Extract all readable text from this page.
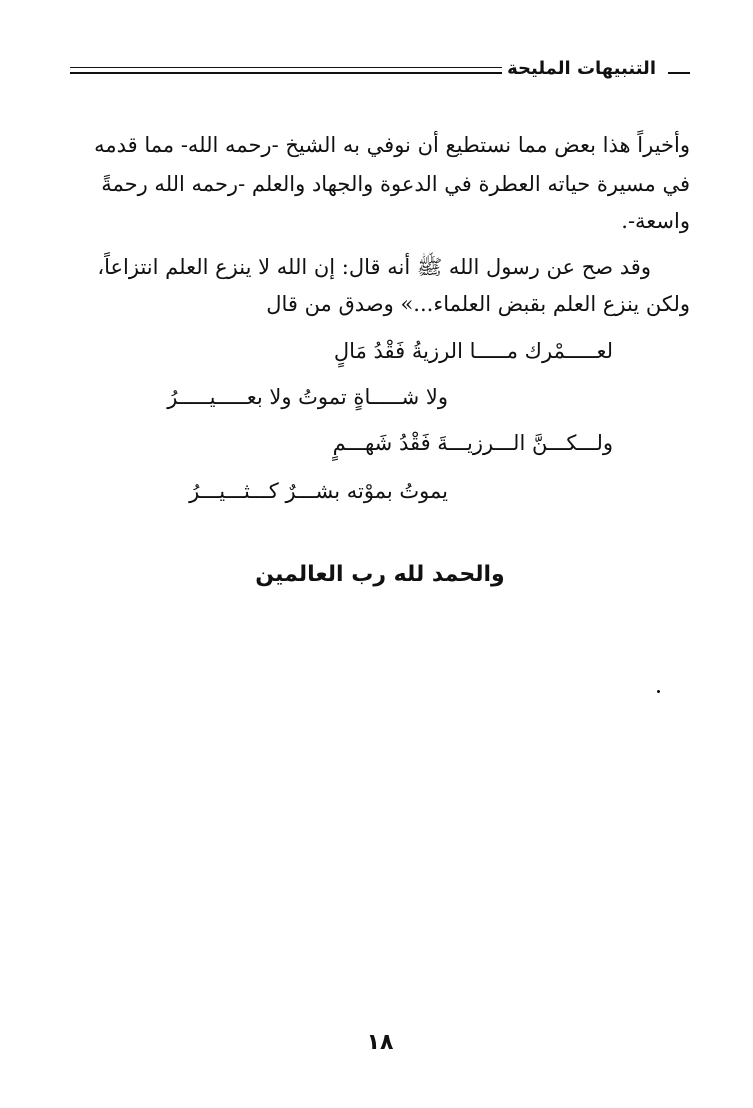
التنبيهات المليحة
وأخيراً هذا بعض مما نستطيع أن نوفي به الشيخ -رحمه الله- مما قدمه
في مسيرة حياته العطرة في الدعوة والجهاد والعلم -رحمه الله رحمةً
واسعة-.
وقد صح عن رسول الله ﷺ أنه قال: إن الله لا ينزع العلم انتزاعاً،
ولكن ينزع العلم بقبض العلماء...» وصدق من قال
لعـــــمْرك مـــــا الرزيةُ فَقْدُ مَالٍ
ولا شـــــاةٍ تموتُ ولا بعـــــيـــــرُ
ولـــكـــنَّ الـــرزيـــةَ فَقْدُ شَهـــمٍ
يموتُ بموْته بشـــرٌ كـــثـــيـــرُ
والحمد لله رب العالمين
١٨
